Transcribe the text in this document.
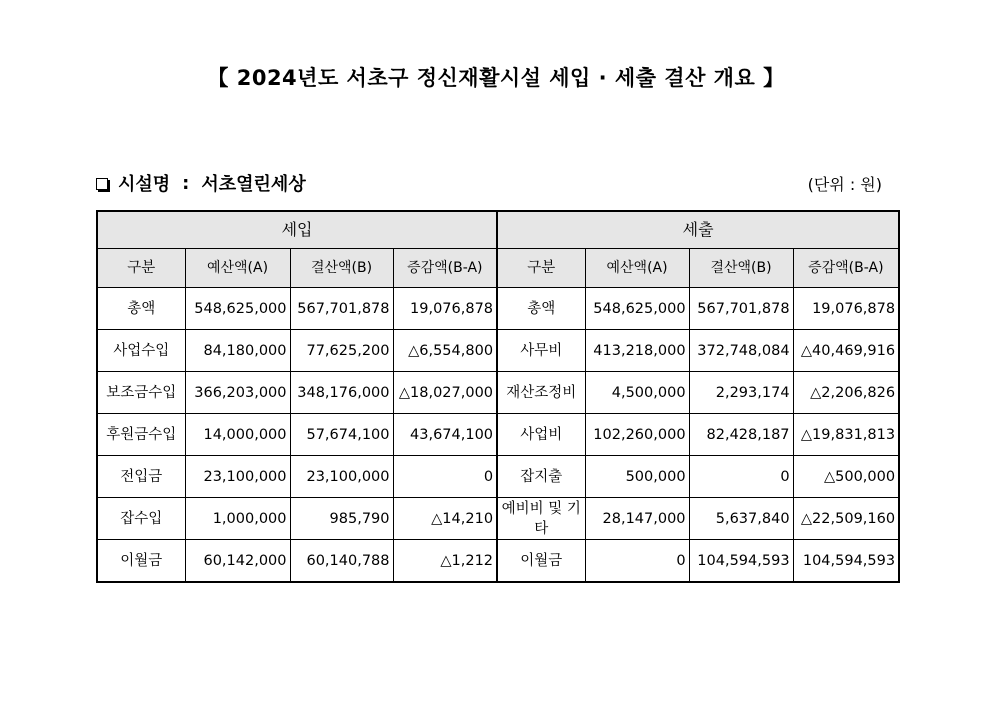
【 2024년도 서초구 정신재활시설 세입 · 세출 결산 개요 】
시설명 : 서초열린세상	(단위 : 원)
세입				세출			
구분	예산액(A)	결산액(B)	증감액(B-A)	구분	예산액(A)	결산액(B)	증감액(B-A)
총액	548,625,000	567,701,878	19,076,878	총액	548,625,000	567,701,878	19,076,878
사업수입	84,180,000	77,625,200	△6,554,800	사무비	413,218,000	372,748,084	△40,469,916
보조금수입	366,203,000	348,176,000	△18,027,000	재산조정비	4,500,000	2,293,174	△2,206,826
후원금수입	14,000,000	57,674,100	43,674,100	사업비	102,260,000	82,428,187	△19,831,813
전입금	23,100,000	23,100,000	0	잡지출	500,000	0	△500,000
잡수입	1,000,000	985,790	△14,210	예비비 및 기타	28,147,000	5,637,840	△22,509,160
이월금	60,142,000	60,140,788	△1,212	이월금	0	104,594,593	104,594,593
